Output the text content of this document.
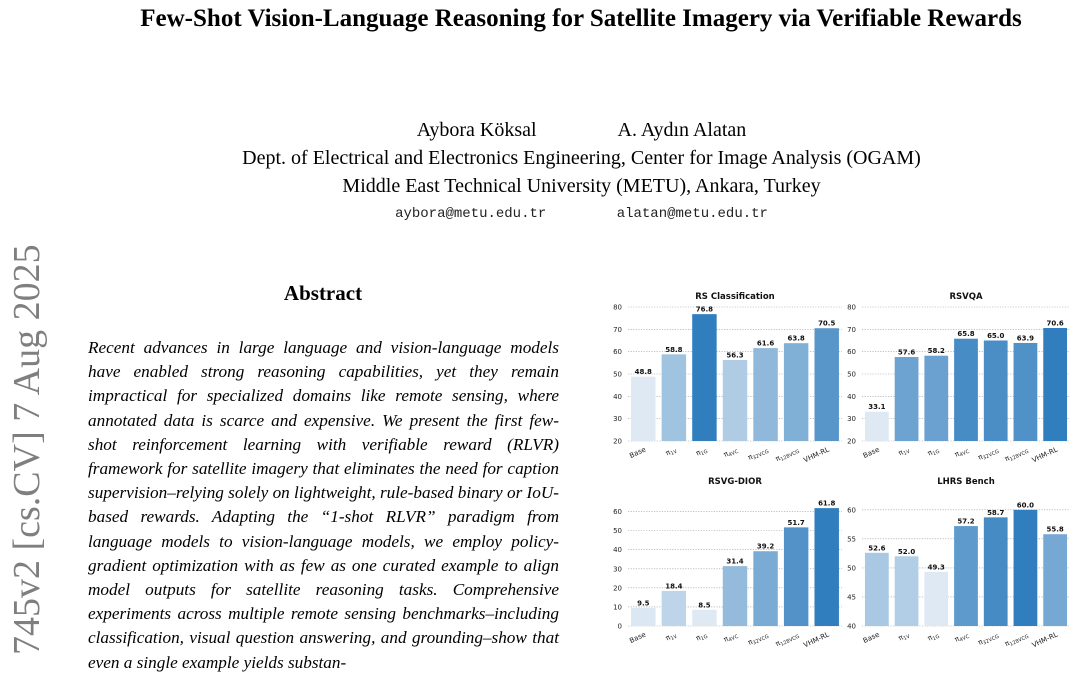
Few-Shot Vision-Language Reasoning for Satellite Imagery via Verifiable Rewards
Aybora Köksal	A. Aydın Alatan
Dept. of Electrical and Electronics Engineering, Center for Image Analysis (OGAM)
Middle East Technical University (METU), Ankara, Turkey
aybora@metu.edu.tr	alatan@metu.edu.tr
745v2 [cs.CV] 7 Aug 2025	Abstract
Recent advances in large language and vision-language models have enabled strong reasoning capabilities, yet they remain impractical for specialized domains like remote sensing, where annotated data is scarce and expensive. We present the first few-shot reinforcement learning with verifiable reward (RLVR) framework for satellite imagery that eliminates the need for caption supervision–relying solely on lightweight, rule-based binary or IoU-based rewards. Adapting the “1-shot RLVR” paradigm from language models to vision-language models, we employ policy-gradient optimization with as few as one curated example to align model outputs for satellite reasoning tasks. Comprehensive experiments across multiple remote sensing benchmarks–including classification, visual question answering, and grounding–show that even a single example yields substan-
RS Classification
20
30
40
50
60
70
80
48.8
Base
58.8
$\pi_{1V}$
76.8
$\pi_{1G}$
56.3
$\pi_{4VC}$
61.6
$\pi_{32VCG}$
63.8
$\pi_{128VCG}$
70.5
VHM-RL
RSVQA
20
30
40
50
60
70
80
33.1
Base
57.6
$\pi_{1V}$
58.2
$\pi_{1G}$
65.8
$\pi_{4VC}$
65.0
$\pi_{32VCG}$
63.9
$\pi_{128VCG}$
70.6
VHM-RL
RSVG-DIOR
0
10
20
30
40
50
60
9.5
Base
18.4
$\pi_{1V}$
8.5
$\pi_{1G}$
31.4
$\pi_{4VC}$
39.2
$\pi_{32VCG}$
51.7
$\pi_{128VCG}$
61.8
VHM-RL
LHRS Bench
40
45
50
55
60
52.6
Base
52.0
$\pi_{1V}$
49.3
$\pi_{1G}$
57.2
$\pi_{4VC}$
58.7
$\pi_{32VCG}$
60.0
$\pi_{128VCG}$
55.8
VHM-RL
